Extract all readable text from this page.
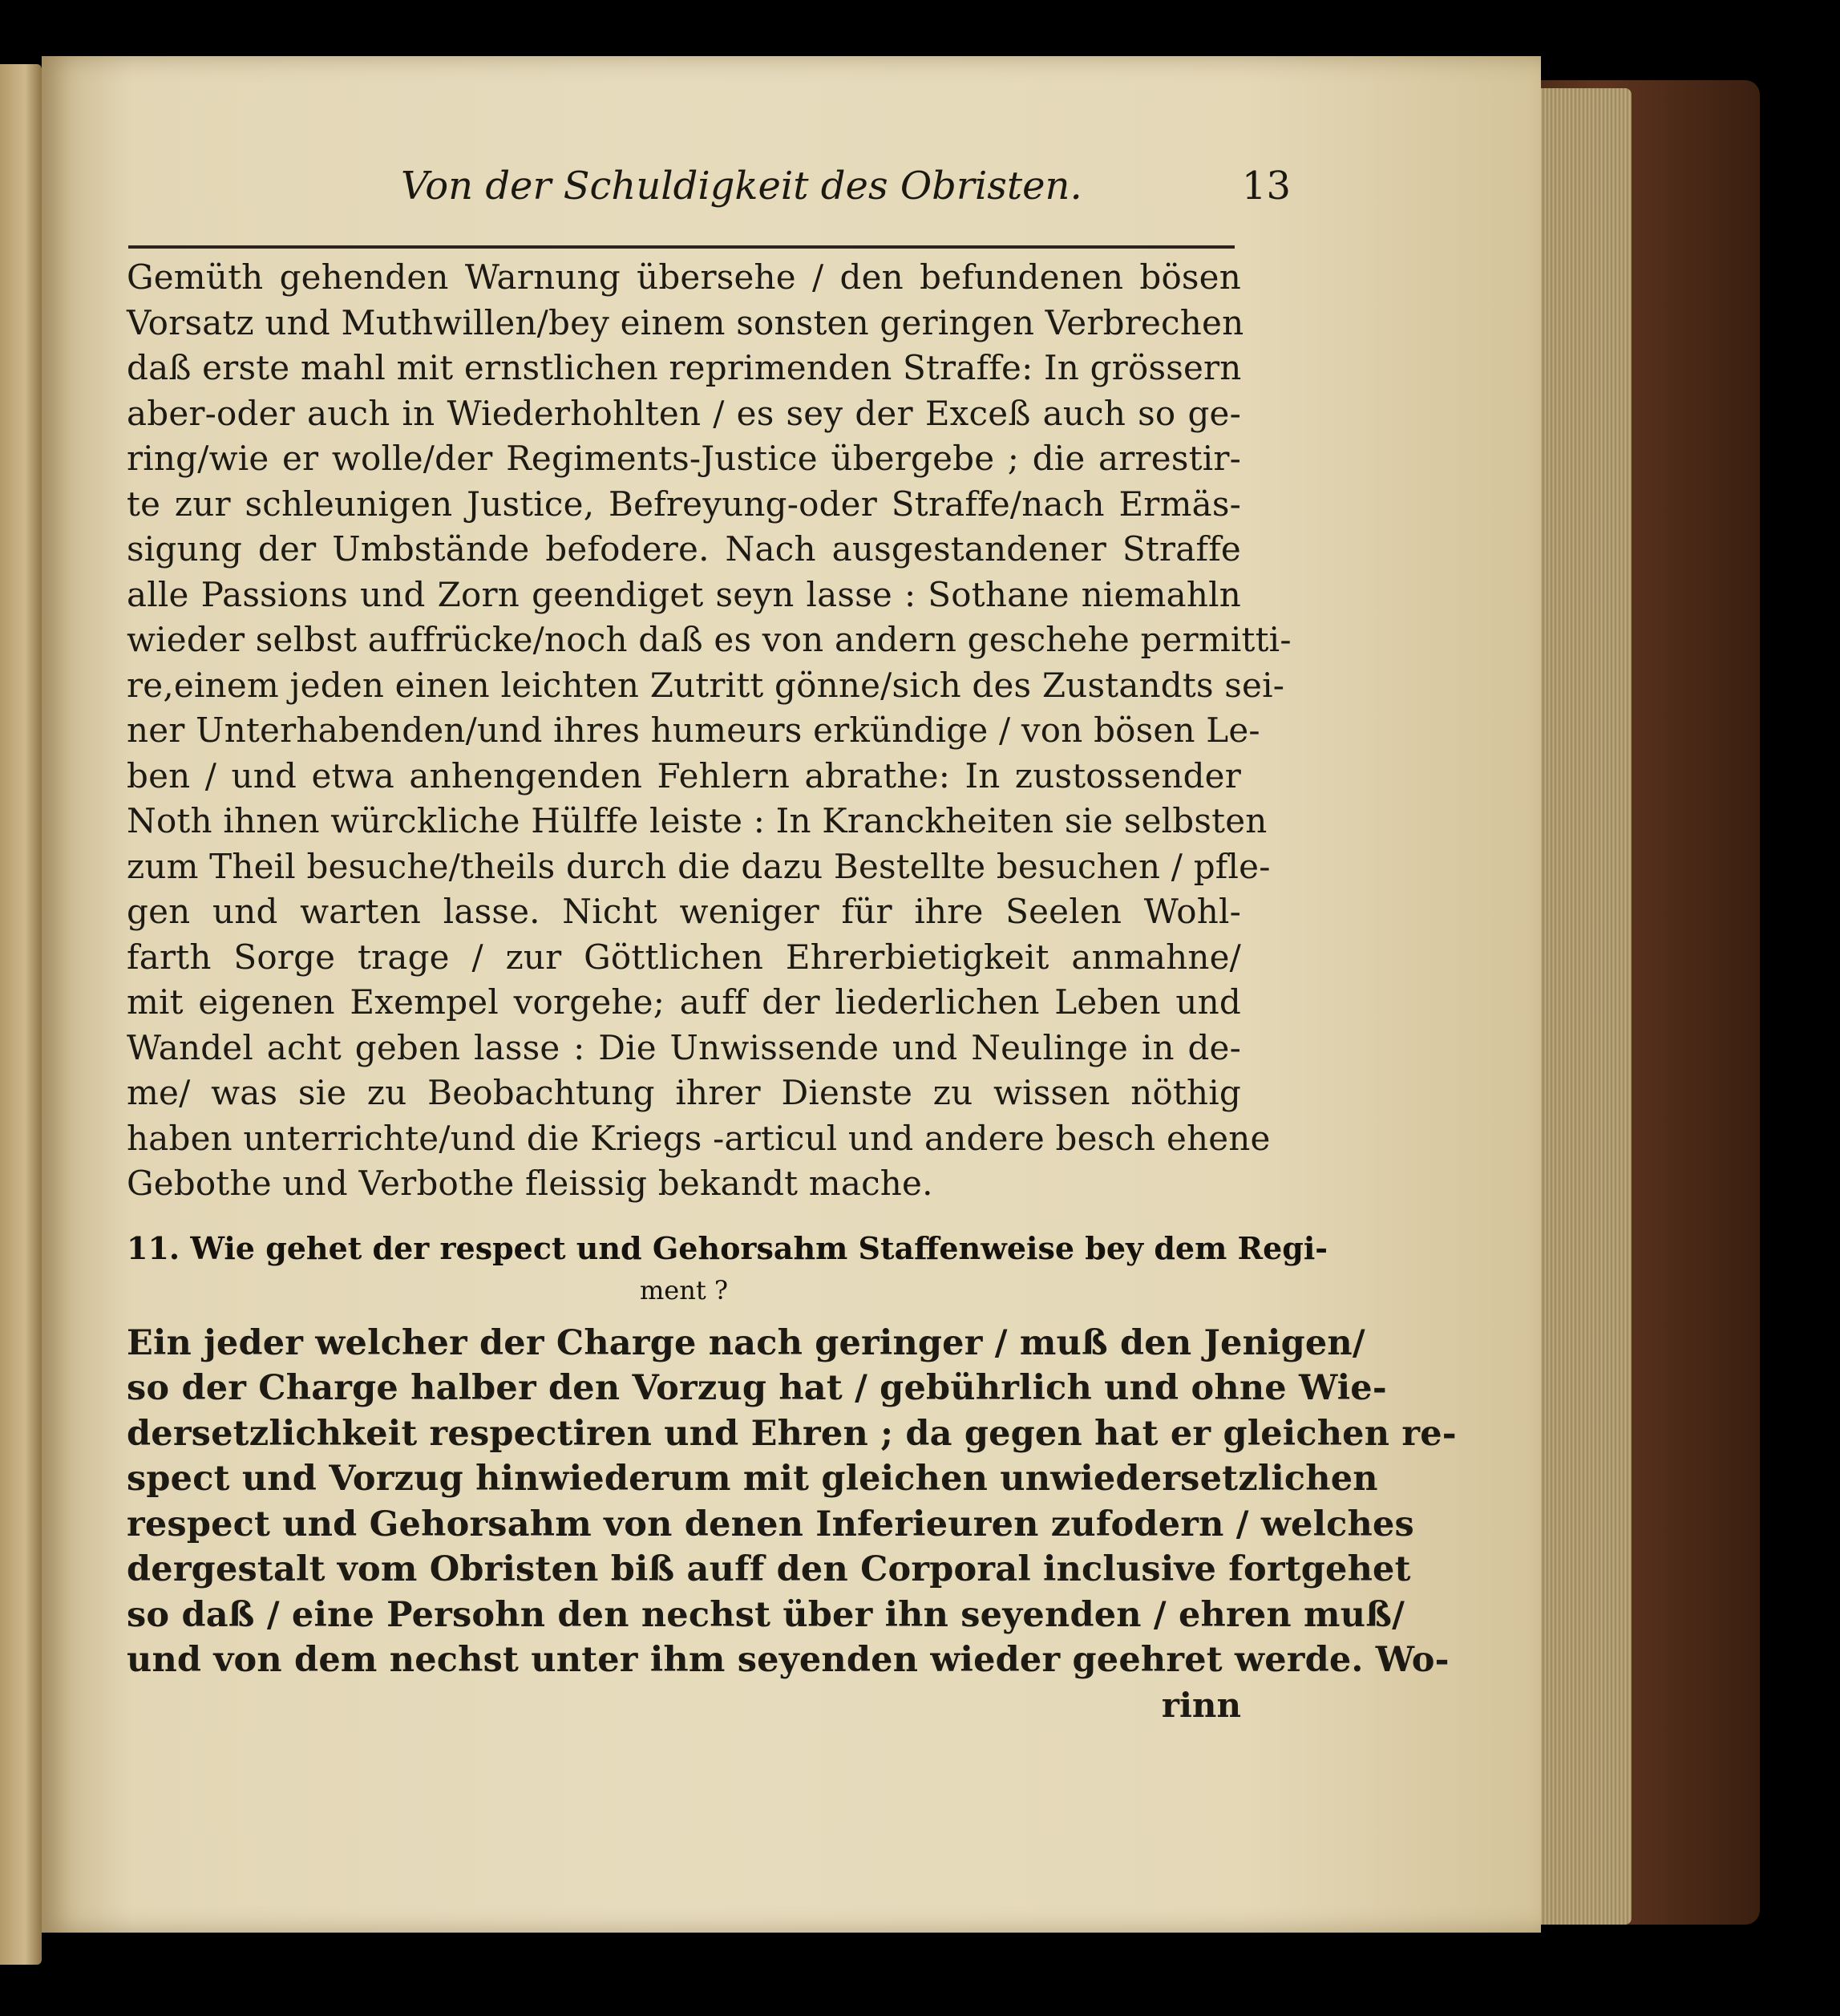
Von der Schuldigkeit des Obristen.	13
Gemüth gehenden Warnung übersehe / den befundenen bösen
Vorsatz und Muthwillen/bey einem sonsten geringen Verbrechen
daß erste mahl mit ernstlichen reprimenden Straffe: In grössern
aber-oder auch in Wiederhohlten / es sey der Exceß auch so ge-
ring/wie er wolle/der Regiments-Justice übergebe ; die arrestir-
te zur schleunigen Justice, Befreyung-oder Straffe/nach Ermäs-
sigung der Umbstände befodere. Nach ausgestandener Straffe
alle Passions und Zorn geendiget seyn lasse : Sothane niemahln
wieder selbst auffrücke/noch daß es von andern geschehe permitti-
re,einem jeden einen leichten Zutritt gönne/sich des Zustandts sei-
ner Unterhabenden/und ihres humeurs erkündige / von bösen Le-
ben / und etwa anhengenden Fehlern abrathe: In zustossender
Noth ihnen würckliche Hülffe leiste : In Kranckheiten sie selbsten
zum Theil besuche/theils durch die dazu Bestellte besuchen / pfle-
gen und warten lasse. Nicht weniger für ihre Seelen Wohl-
farth Sorge trage / zur Göttlichen Ehrerbietigkeit anmahne/
mit eigenen Exempel vorgehe; auff der liederlichen Leben und
Wandel acht geben lasse : Die Unwissende und Neulinge in de-
me/ was sie zu Beobachtung ihrer Dienste zu wissen nöthig
haben unterrichte/und die Kriegs -articul und andere besch ehene
Gebothe und Verbothe fleissig bekandt mache.
11. Wie gehet der respect und Gehorsahm Staffenweise bey dem Regi-
ment ?
Ein jeder welcher der Charge nach geringer / muß den Jenigen/
so der Charge halber den Vorzug hat / gebührlich und ohne Wie-
dersetzlichkeit respectiren und Ehren ; da gegen hat er gleichen re-
spect und Vorzug hinwiederum mit gleichen unwiedersetzlichen
respect und Gehorsahm von denen Inferieuren zufodern / welches
dergestalt vom Obristen biß auff den Corporal inclusive fortgehet
so daß / eine Persohn den nechst über ihn seyenden / ehren muß/
und von dem nechst unter ihm seyenden wieder geehret werde. Wo-
rinn
